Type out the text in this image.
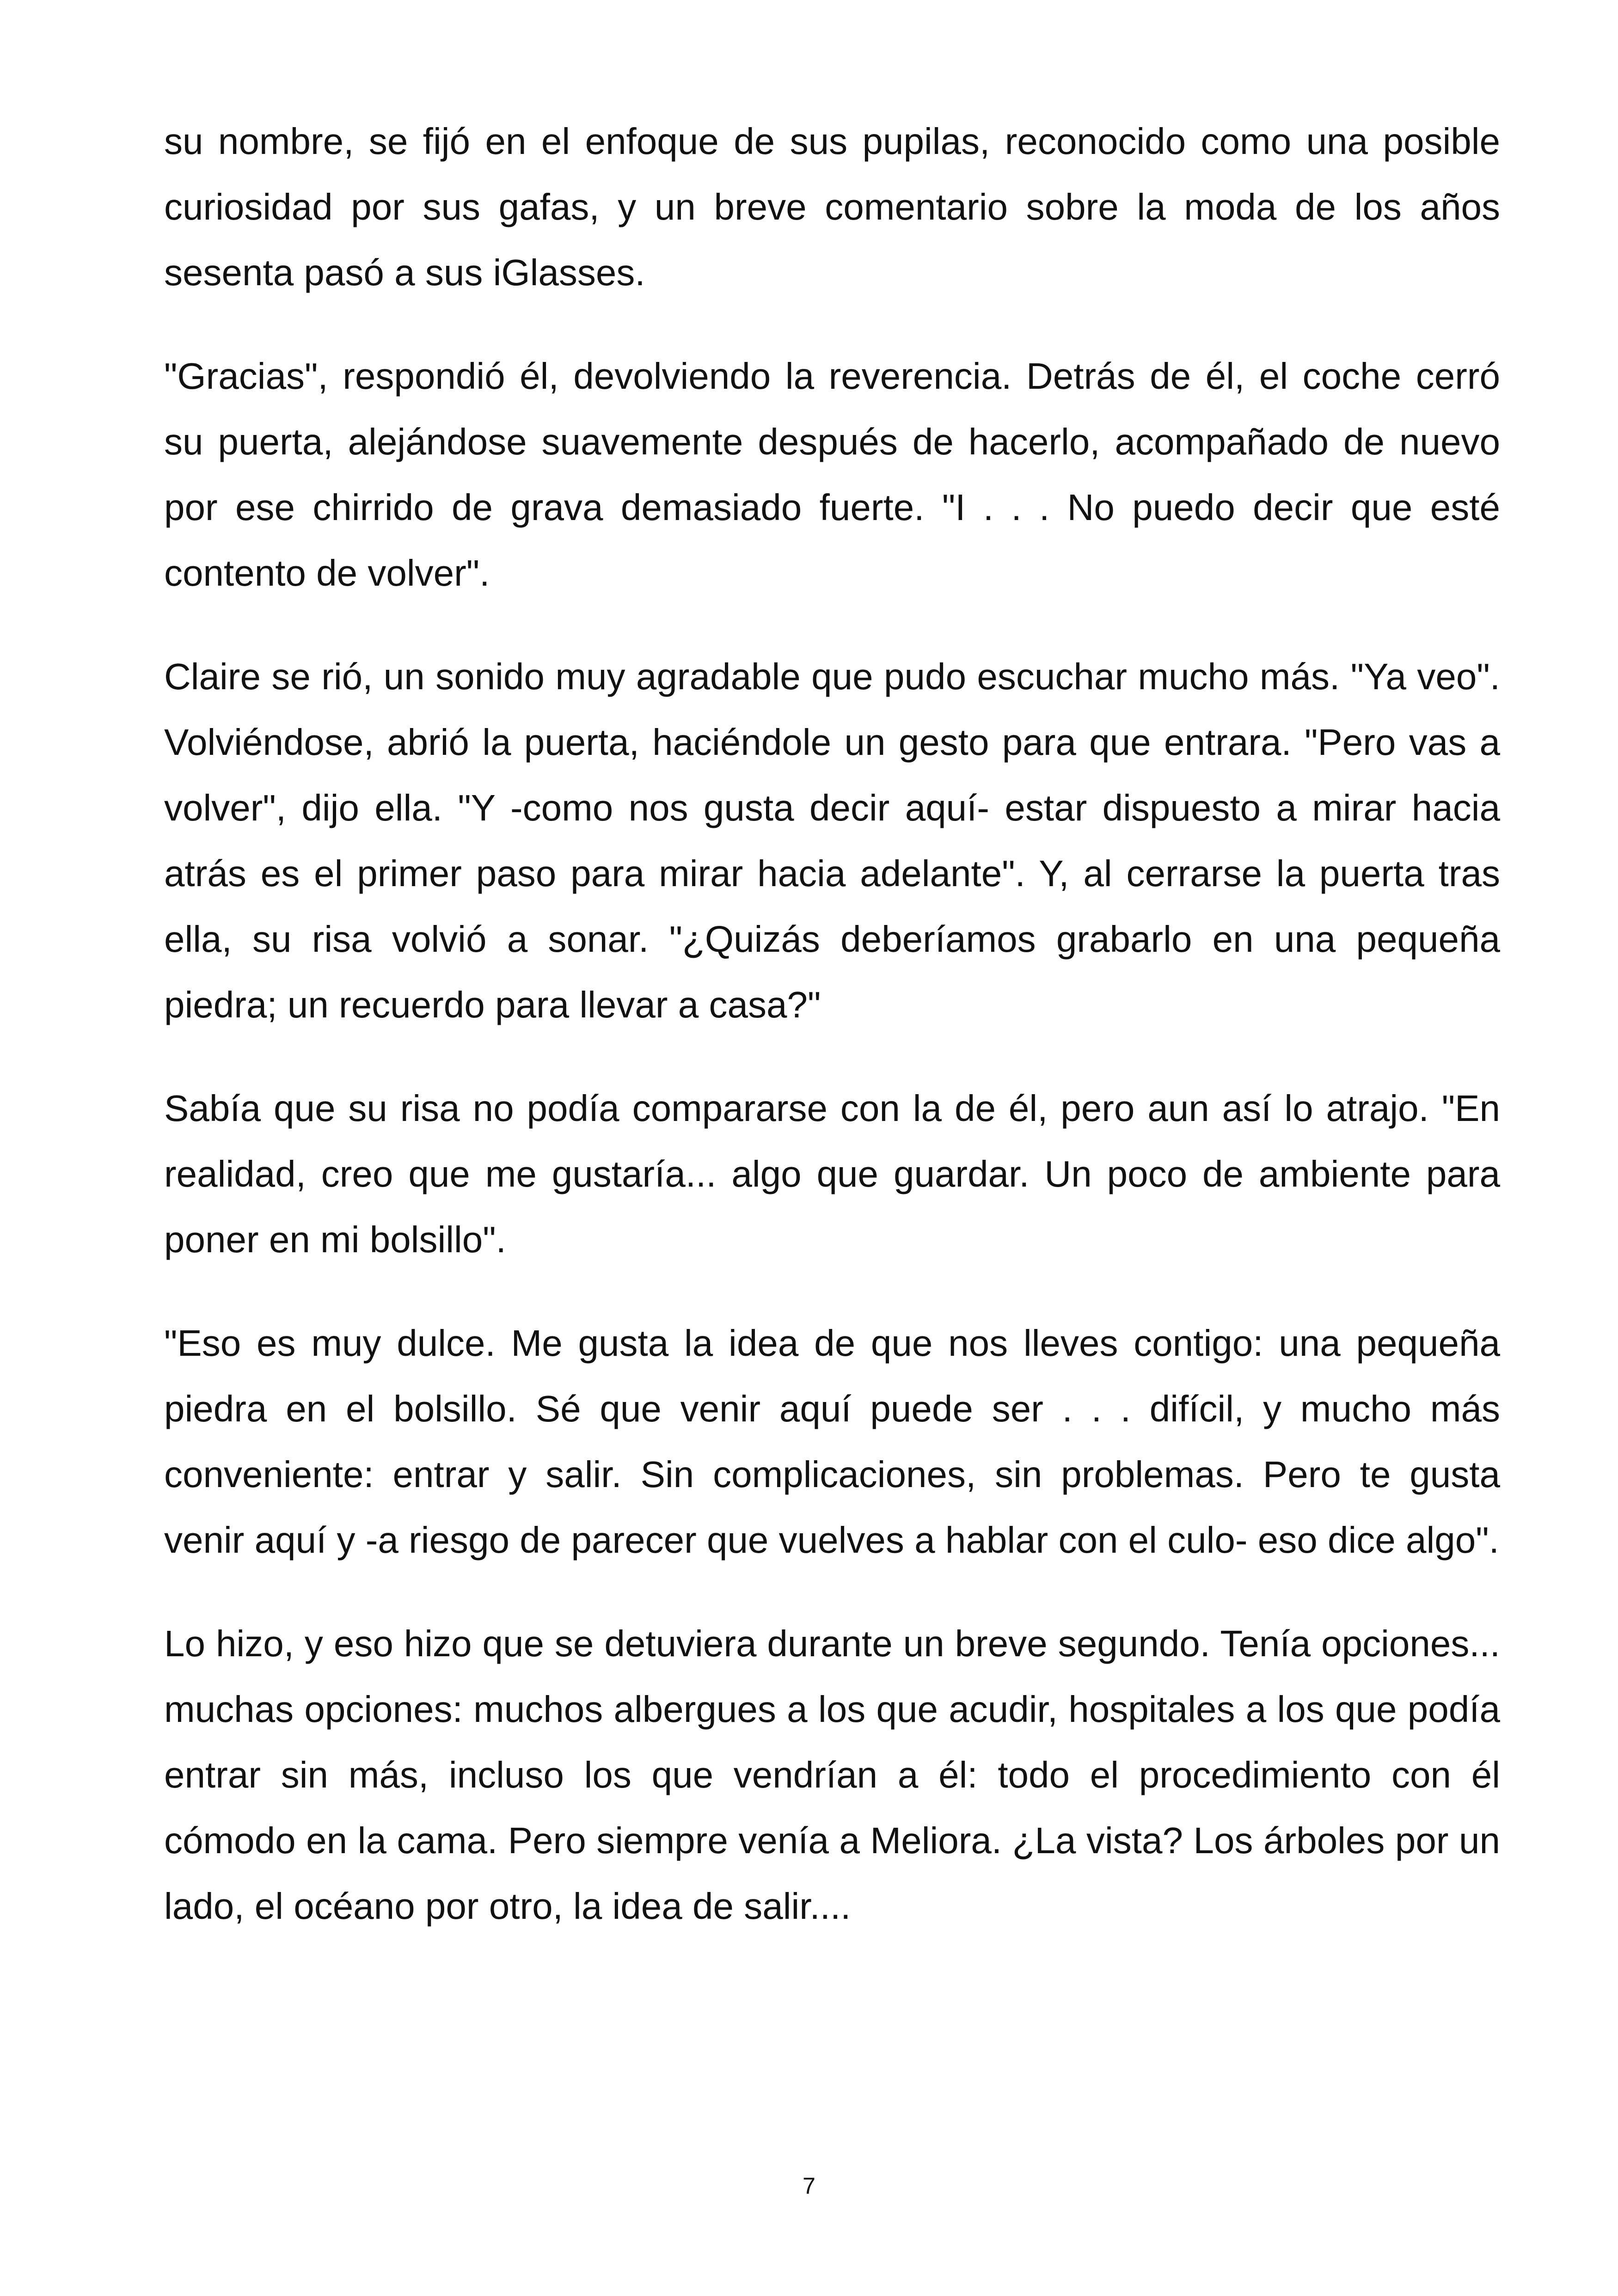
su nombre, se fijó en el enfoque de sus pupilas, reconocido como una posible curiosidad por sus gafas, y un breve comentario sobre la moda de los años sesenta pasó a sus iGlasses.

"Gracias", respondió él, devolviendo la reverencia. Detrás de él, el coche cerró su puerta, alejándose suavemente después de hacerlo, acompañado de nuevo por ese chirrido de grava demasiado fuerte. "I . . . No puedo decir que esté contento de volver".

Claire se rió, un sonido muy agradable que pudo escuchar mucho más. "Ya veo". Volviéndose, abrió la puerta, haciéndole un gesto para que entrara. "Pero vas a volver", dijo ella. "Y -como nos gusta decir aquí- estar dispuesto a mirar hacia atrás es el primer paso para mirar hacia adelante". Y, al cerrarse la puerta tras ella, su risa volvió a sonar. "¿Quizás deberíamos grabarlo en una pequeña piedra; un recuerdo para llevar a casa?"

Sabía que su risa no podía compararse con la de él, pero aun así lo atrajo. "En realidad, creo que me gustaría... algo que guardar. Un poco de ambiente para poner en mi bolsillo".

"Eso es muy dulce. Me gusta la idea de que nos lleves contigo: una pequeña piedra en el bolsillo. Sé que venir aquí puede ser . . . difícil, y mucho más conveniente: entrar y salir. Sin complicaciones, sin problemas. Pero te gusta venir aquí y -a riesgo de parecer que vuelves a hablar con el culo- eso dice algo".

Lo hizo, y eso hizo que se detuviera durante un breve segundo. Tenía opciones... muchas opciones: muchos albergues a los que acudir, hospitales a los que podía entrar sin más, incluso los que vendrían a él: todo el procedimiento con él cómodo en la cama. Pero siempre venía a Meliora. ¿La vista? Los árboles por un lado, el océano por otro, la idea de salir....

7
